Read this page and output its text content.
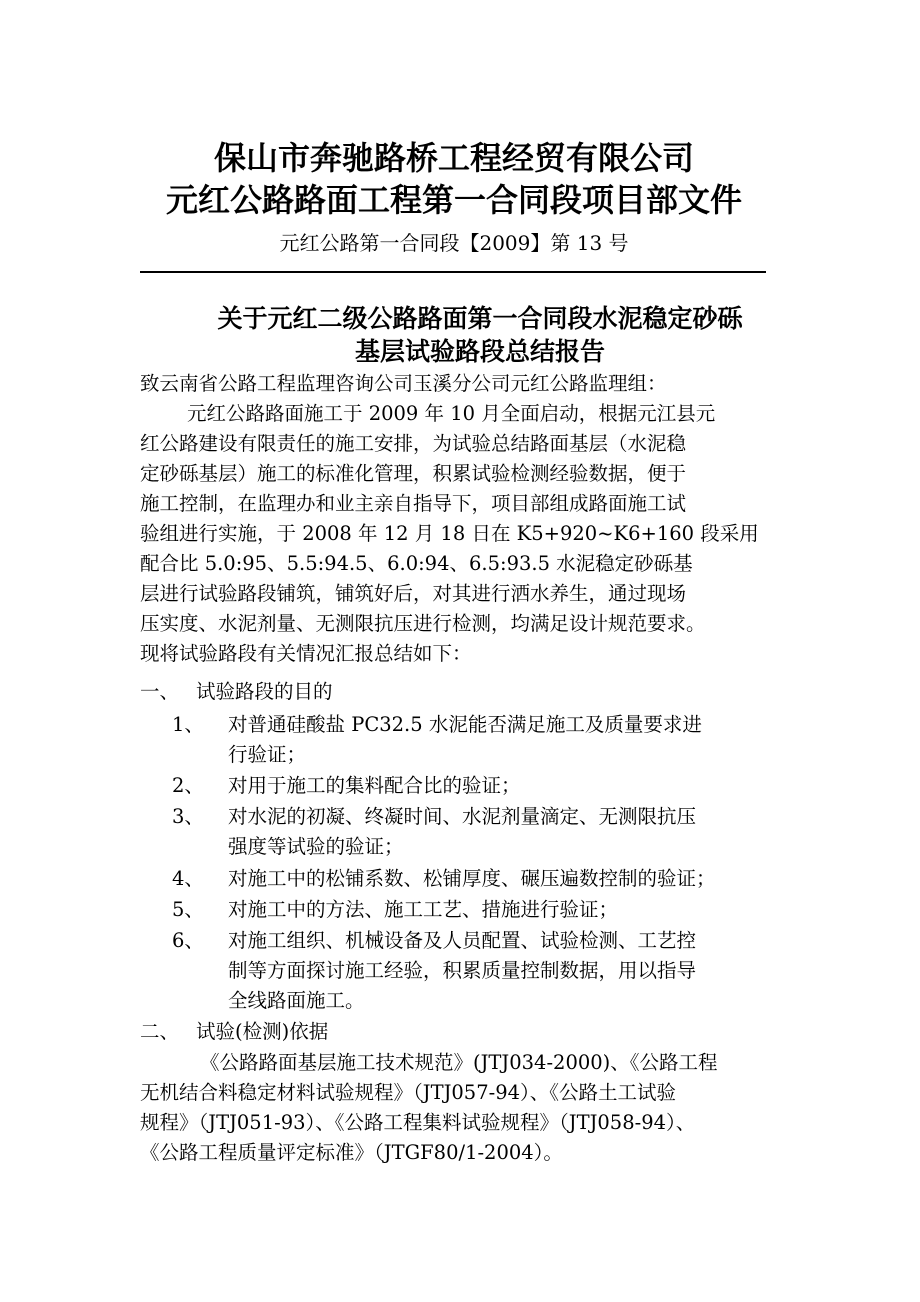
保山市奔驰路桥工程经贸有限公司
元红公路路面工程第一合同段项目部文件
元红公路第一合同段【2009】第 13 号
关于元红二级公路路面第一合同段水泥稳定砂砾
基层试验路段总结报告
致云南省公路工程监理咨询公司玉溪分公司元红公路监理组：
元红公路路面施工于 2009 年 10 月全面启动，根据元江县元
红公路建设有限责任的施工安排，为试验总结路面基层（水泥稳
定砂砾基层）施工的标准化管理，积累试验检测经验数据，便于
施工控制，在监理办和业主亲自指导下，项目部组成路面施工试
验组进行实施，于 2008 年 12 月 18 日在 K5+920~K6+160 段采用
配合比 5.0:95、5.5:94.5、6.0:94、6.5:93.5 水泥稳定砂砾基
层进行试验路段铺筑，铺筑好后，对其进行洒水养生，通过现场
压实度、水泥剂量、无测限抗压进行检测，均满足设计规范要求。
现将试验路段有关情况汇报总结如下：
一、 试验路段的目的
1、 对普通硅酸盐 PC32.5 水泥能否满足施工及质量要求进
行验证；
2、 对用于施工的集料配合比的验证；
3、 对水泥的初凝、终凝时间、水泥剂量滴定、无测限抗压
强度等试验的验证；
4、 对施工中的松铺系数、松铺厚度、碾压遍数控制的验证；
5、 对施工中的方法、施工工艺、措施进行验证；
6、 对施工组织、机械设备及人员配置、试验检测、工艺控
制等方面探讨施工经验，积累质量控制数据，用以指导
全线路面施工。
二、 试验(检测)依据
《公路路面基层施工技术规范》(JTJ034-2000)、《公路工程
无机结合料稳定材料试验规程》（JTJ057-94）、《公路土工试验
规程》（JTJ051-93）、《公路工程集料试验规程》（JTJ058-94）、
《公路工程质量评定标准》（JTGF80/1-2004）。
